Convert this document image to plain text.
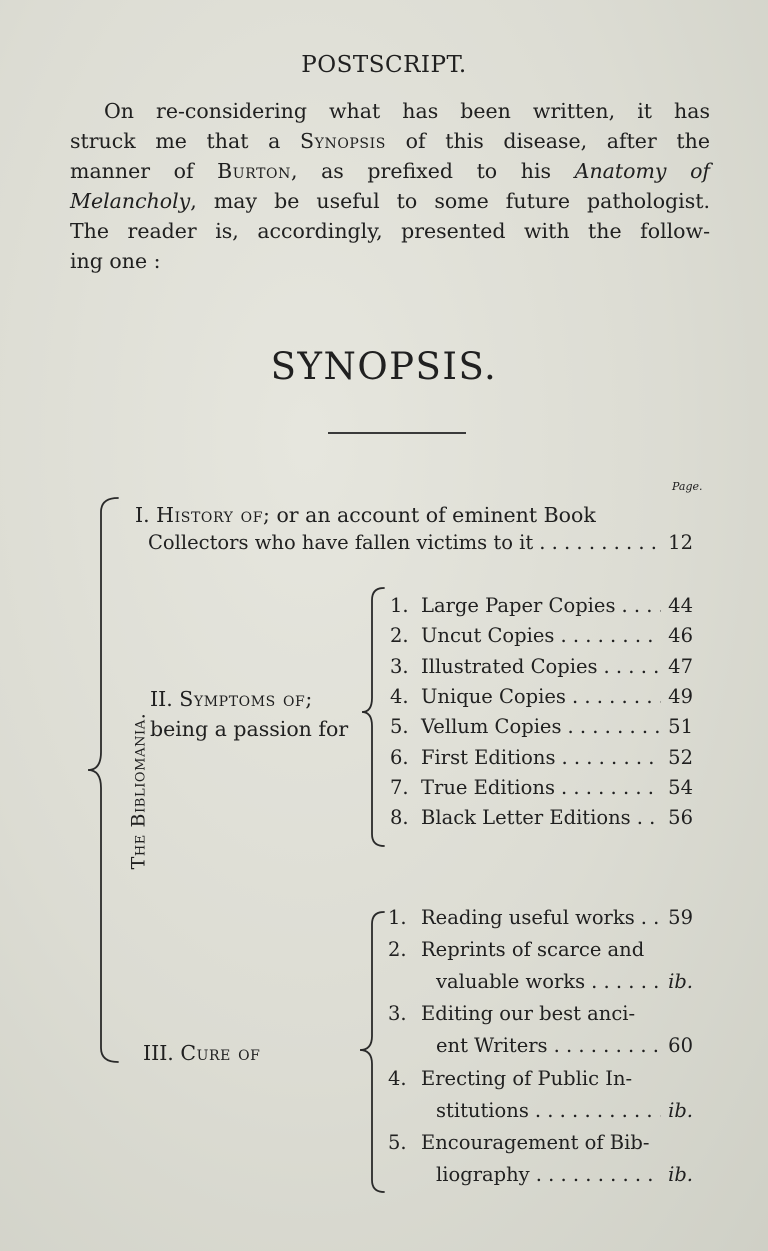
POSTSCRIPT.
On re-considering what has been written, it has
struck me that a Synopsis of this disease, after the
manner of Burton, as prefixed to his Anatomy of
Melancholy, may be useful to some future pathologist.
The reader is, accordingly, presented with the follow-
ing one :
SYNOPSIS.
Page.
The Bibliomania.
I. History of; or an account of eminent Book
Collectors who have fallen victims to it . . .	12
II. Symptoms of;
being a passion for
1. Large Paper Copies . . .	44
2. Uncut Copies . . .	46
3. Illustrated Copies . . .	47
4. Unique Copies . . .	49
5. Vellum Copies . . .	51
6. First Editions . . .	52
7. True Editions . . .	54
8. Black Letter Editions . . . 56
III. Cure of
1. Reading useful works . . . 59
2. Reprints of scarce and
valuable works . . .	ib.
3. Editing our best anci-
ent Writers . . .	60
4. Erecting of Public In-
stitutions . . .	ib.
5. Encouragement of Bib-
liography . . .	ib.
